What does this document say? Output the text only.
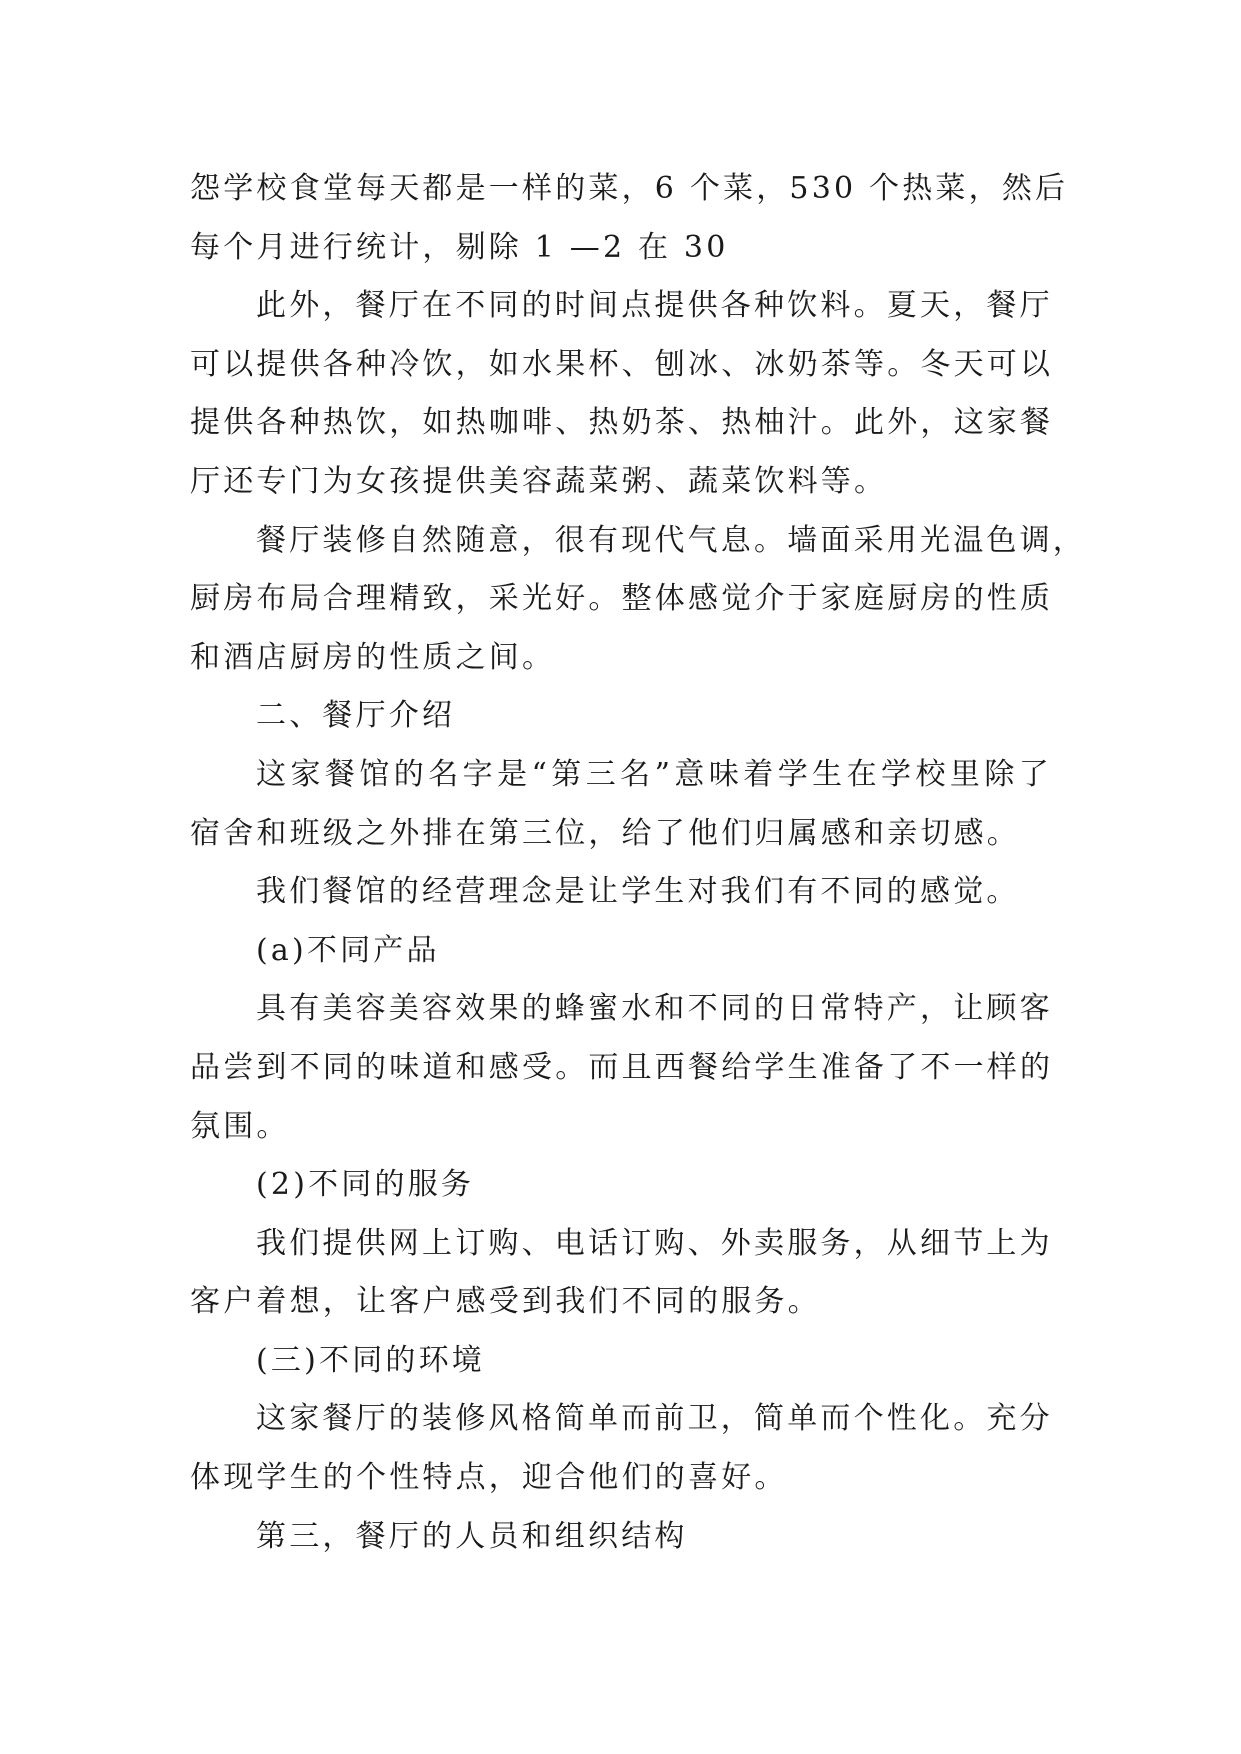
怨学校食堂每天都是一样的菜，6 个菜，530 个热菜，然后
每个月进行统计，剔除 1 —2 在 30

此外，餐厅在不同的时间点提供各种饮料。夏天，餐厅
可以提供各种冷饮，如水果杯、刨冰、冰奶茶等。冬天可以
提供各种热饮，如热咖啡、热奶茶、热柚汁。此外，这家餐
厅还专门为女孩提供美容蔬菜粥、蔬菜饮料等。

餐厅装修自然随意，很有现代气息。墙面采用光温色调，
厨房布局合理精致，采光好。整体感觉介于家庭厨房的性质
和酒店厨房的性质之间。

二、餐厅介绍

这家餐馆的名字是“第三名”意味着学生在学校里除了
宿舍和班级之外排在第三位，给了他们归属感和亲切感。

我们餐馆的经营理念是让学生对我们有不同的感觉。

(a)不同产品

具有美容美容效果的蜂蜜水和不同的日常特产，让顾客
品尝到不同的味道和感受。而且西餐给学生准备了不一样的
氛围。

(2)不同的服务

我们提供网上订购、电话订购、外卖服务，从细节上为
客户着想，让客户感受到我们不同的服务。

(三)不同的环境

这家餐厅的装修风格简单而前卫，简单而个性化。充分
体现学生的个性特点，迎合他们的喜好。

第三，餐厅的人员和组织结构
